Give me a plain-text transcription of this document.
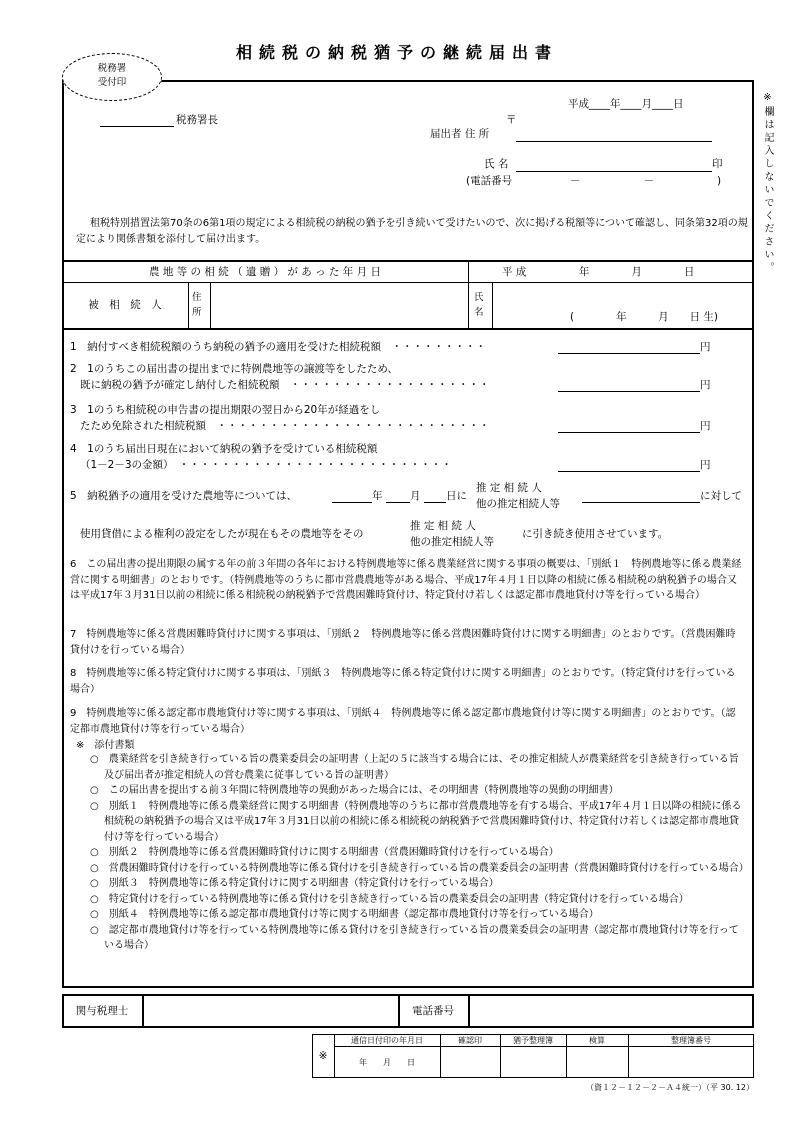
相続税の納税猶予の継続届出書
税務署
受付印
※欄は記入しないでください。
税務署長
平成____年____月____日
〒
届出者 住 所
氏 名	印
(電話番号	－　　　　　　－　　　　　　)
租税特別措置法第70条の6第1項の規定による相続税の納税の猶予を引き続いて受けたいので、次に掲げる税額等について確認し、同条第32項の規定により関係書類を添付して届け出ます。
農 地 等 の 相 続 （ 遺 贈 ） が あ っ た 年 月 日	平 成　　　　　年　　　　月　　　　日
被　相　続　人
住所
氏名	(　　　　年　　　月　　日 生)
1　納付すべき相続税額のうち納税の猶予の適用を受けた相続税額　・・・・・・・・・	円
2　1のうちこの届出書の提出までに特例農地等の譲渡等をしたため、
既に納税の猶予が確定し納付した相続税額　・・・・・・・・・・・・・・・・・・・	円
3　1のうち相続税の申告書の提出期限の翌日から20年が経過をし
たため免除された相続税額　・・・・・・・・・・・・・・・・・・・・・・・・・・	円
4　1のうち届出日現在において納税の猶予を受けている相続税額
（1－2－3の金額）　・・・・・・・・・・・・・・・・・・・・・・・・・・	円
5　納税猶予の適用を受けた農地等については、	年	月 日に
推 定 相 続 人
他の推定相続人等
に対して
使用貸借による権利の設定をしたが現在もその農地等をその
推 定 相 続 人
他の推定相続人等
に引き続き使用させています。
6　この届出書の提出期限の属する年の前３年間の各年における特例農地等に係る農業経営に関する事項の概要は、「別紙１　特例農地等に係る農業経営に関する明細書」のとおりです。（特例農地等のうちに都市営農農地等がある場合、平成17年４月１日以降の相続に係る相続税の納税猶予の場合又は平成17年３月31日以前の相続に係る相続税の納税猶予で営農困難時貸付け、特定貸付け若しくは認定都市農地貸付け等を行っている場合）
7　特例農地等に係る営農困難時貸付けに関する事項は、「別紙２　特例農地等に係る営農困難時貸付けに関する明細書」のとおりです。（営農困難時貸付けを行っている場合）
8　特例農地等に係る特定貸付けに関する事項は、「別紙３　特例農地等に係る特定貸付けに関する明細書」のとおりです。（特定貸付けを行っている場合）
9　特例農地等に係る認定都市農地貸付け等に関する事項は、「別紙４　特例農地等に係る認定都市農地貸付け等に関する明細書」のとおりです。（認定都市農地貸付け等を行っている場合）
※　添付書類
○　農業経営を引き続き行っている旨の農業委員会の証明書（上記の５に該当する場合には、その推定相続人が農業経営を引き続き行っている旨及び届出者が推定相続人の営む農業に従事している旨の証明書）
○　この届出書を提出する前３年間に特例農地等の異動があった場合には、その明細書（特例農地等の異動の明細書）
○　別紙１　特例農地等に係る農業経営に関する明細書（特例農地等のうちに都市営農農地等を有する場合、平成17年４月１日以降の相続に係る相続税の納税猶予の場合又は平成17年３月31日以前の相続に係る相続税の納税猶予で営農困難時貸付け、特定貸付け若しくは認定都市農地貸付け等を行っている場合）
○　別紙２　特例農地等に係る営農困難時貸付けに関する明細書（営農困難時貸付けを行っている場合）
○　営農困難時貸付けを行っている特例農地等に係る貸付けを引き続き行っている旨の農業委員会の証明書（営農困難時貸付けを行っている場合）
○　別紙３　特例農地等に係る特定貸付けに関する明細書（特定貸付けを行っている場合）
○　特定貸付けを行っている特例農地等に係る貸付けを引き続き行っている旨の農業委員会の証明書（特定貸付けを行っている場合）
○　別紙４　特例農地等に係る認定都市農地貸付け等に関する明細書（認定都市農地貸付け等を行っている場合）
○　認定都市農地貸付け等を行っている特例農地等に係る貸付けを引き続き行っている旨の農業委員会の証明書（認定都市農地貸付け等を行っている場合）
関与税理士	電話番号
※
通信日付印の年月日	確認印	猶予整理簿	検算	整理簿番号
年　　月　　日
（資１２－１２－２－Ａ４統一）（平 30. 12）
